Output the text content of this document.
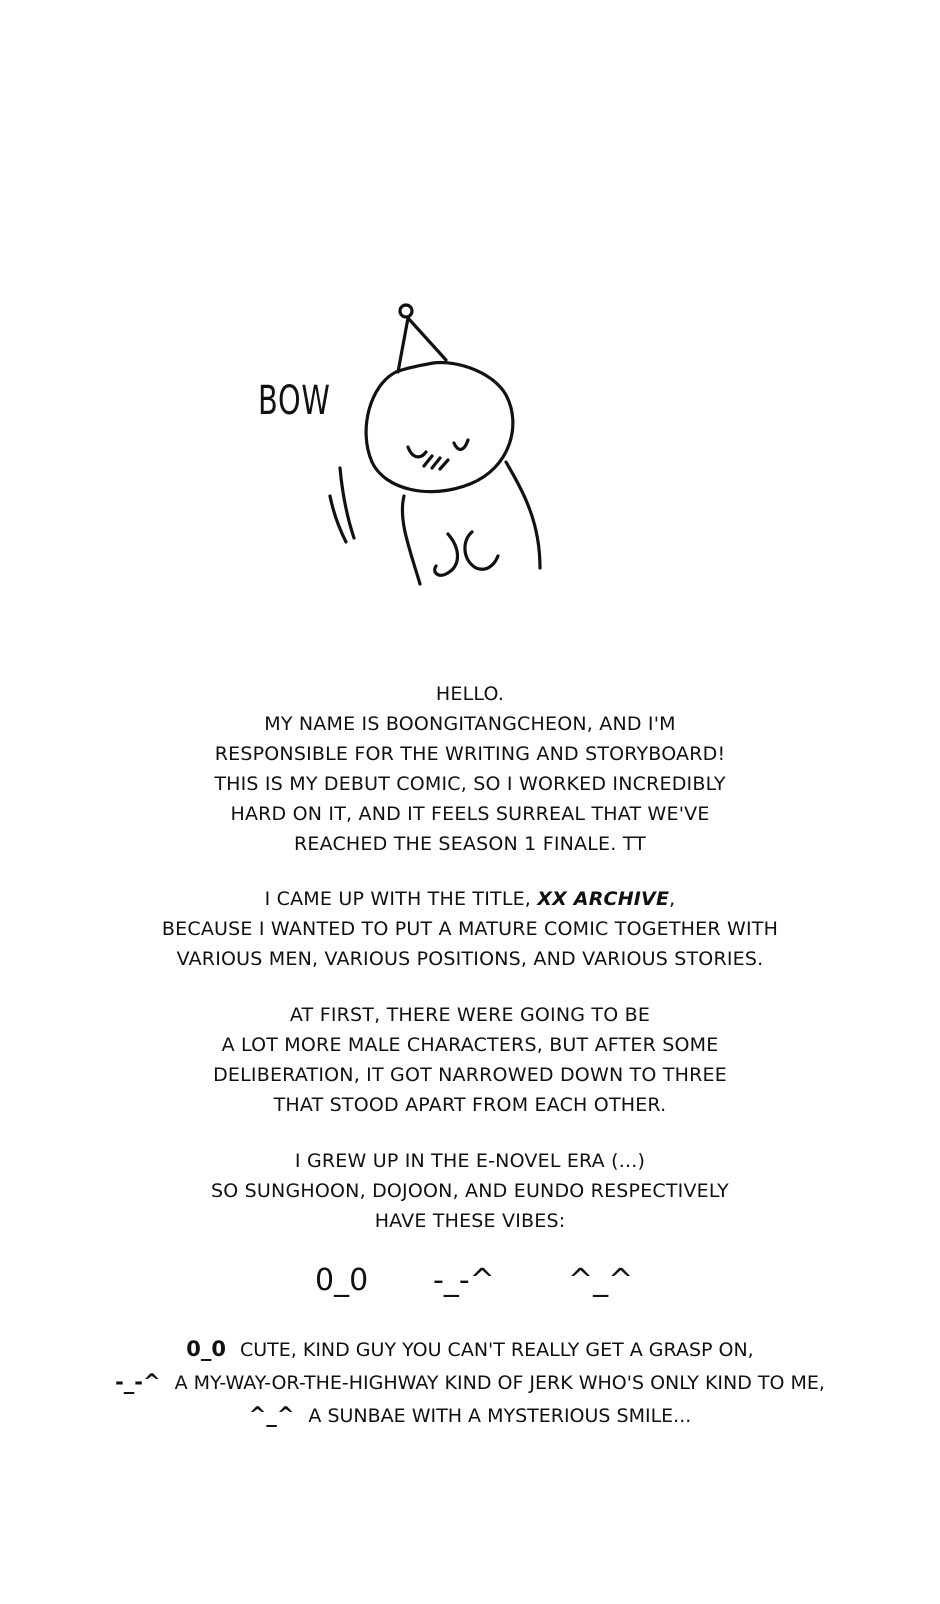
BOW
HELLO.
MY NAME IS BOONGITANGCHEON, AND I'M
RESPONSIBLE FOR THE WRITING AND STORYBOARD!
THIS IS MY DEBUT COMIC, SO I WORKED INCREDIBLY
HARD ON IT, AND IT FEELS SURREAL THAT WE'VE
REACHED THE SEASON 1 FINALE. TT
I CAME UP WITH THE TITLE, XX ARCHIVE,
BECAUSE I WANTED TO PUT A MATURE COMIC TOGETHER WITH
VARIOUS MEN, VARIOUS POSITIONS, AND VARIOUS STORIES.
AT FIRST, THERE WERE GOING TO BE
A LOT MORE MALE CHARACTERS, BUT AFTER SOME
DELIBERATION, IT GOT NARROWED DOWN TO THREE
THAT STOOD APART FROM EACH OTHER.
I GREW UP IN THE E-NOVEL ERA (...)
SO SUNGHOON, DOJOON, AND EUNDO RESPECTIVELY
HAVE THESE VIBES:
0_0 -_-^ ^_^
0_0 CUTE, KIND GUY YOU CAN'T REALLY GET A GRASP ON,
-_-^ A MY-WAY-OR-THE-HIGHWAY KIND OF JERK WHO'S ONLY KIND TO ME,
^_^ A SUNBAE WITH A MYSTERIOUS SMILE...
